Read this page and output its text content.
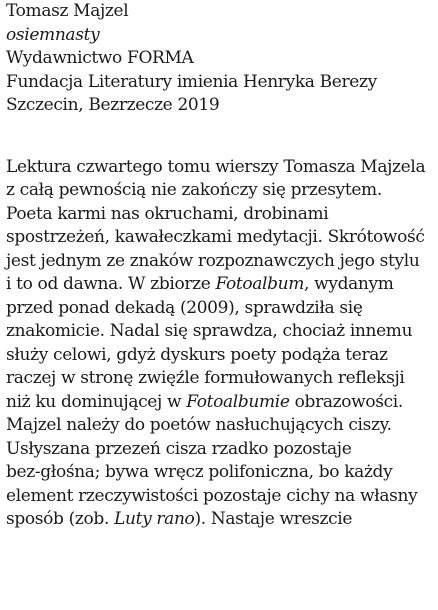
Tomasz Majzel
osiemnasty
Wydawnictwo FORMA
Fundacja Literatury imienia Henryka Berezy
Szczecin, Bezrzecze 2019
Lektura czwartego tomu wierszy Tomasza Majzela
z całą pewnością nie zakończy się przesytem.
Poeta karmi nas okruchami, drobinami
spostrzeżeń, kawałeczkami medytacji. Skrótowość
jest jednym ze znaków rozpoznawczych jego stylu
i to od dawna. W zbiorze Fotoalbum, wydanym
przed ponad dekadą (2009), sprawdziła się
znakomicie. Nadal się sprawdza, chociaż innemu
służy celowi, gdyż dyskurs poety podąża teraz
raczej w stronę zwięźle formułowanych refleksji
niż ku dominującej w Fotoalbumie obrazowości.
Majzel należy do poetów nasłuchujących ciszy.
Usłyszana przezeń cisza rzadko pozostaje
bez-głośna; bywa wręcz polifoniczna, bo każdy
element rzeczywistości pozostaje cichy na własny
sposób (zob. Luty rano). Nastaje wreszcie
